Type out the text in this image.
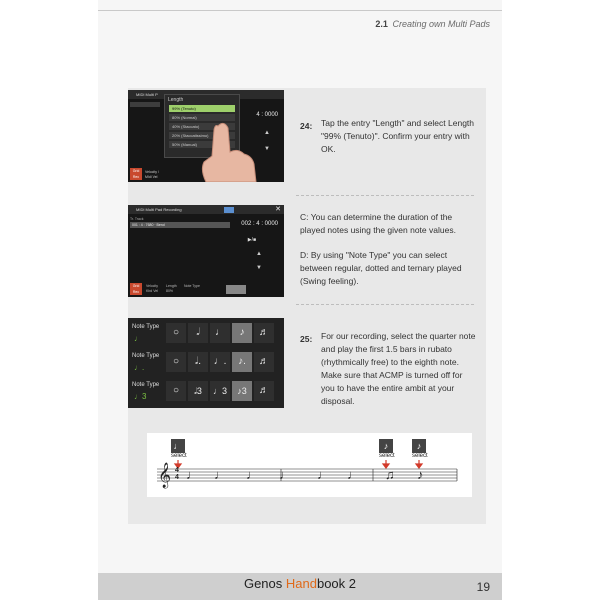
2.1 Creating own Multi Pads
MIDI Multi P
Length
99% (Tenuto)
80% (Normal)
40% (Staccato)
20% (Staccatissimo)
50% (Manual)
4 : 0000
▲
▼
Grid Rec
Velocity / MIdi Vel
24: Tap the entry "Length" and select Length "99% (Tenuto)". Confirm your entry with OK.
MIDI Multi Pad Recording	✕
Tr. Track
001 : 4 : 7680 · Bend	002 : 4 : 0000
▶/■
▲
▼
Grid Rec
Velocity
Kbd Vel
Length
80%
Note Type
C: You can determine the duration of the played notes using the given note values.
D: By using "Note Type" you can select between regular, dotted and ternary played (Swing feeling).
Note Type
♩
○	𝅗𝅥	♩	♪	♬
Note Type
♩.
○	𝅗𝅥.	♩.	♪.	♬
Note Type
♩3
○	𝅗𝅥3	♩3	♪3	♬
25: For our recording, select the quarter note and play the first 1.5 bars in rubato (rhythmically free) to the eighth note. Make sure that ACMP is turned off for you to have the entire ambit at your disposal.
♩	♪	♪
select	select	select
𝄞 4
4 ♩ ♩ ♩ ♩ ♩ ♩ ♫ ♪
Genos Handbook 2	19
